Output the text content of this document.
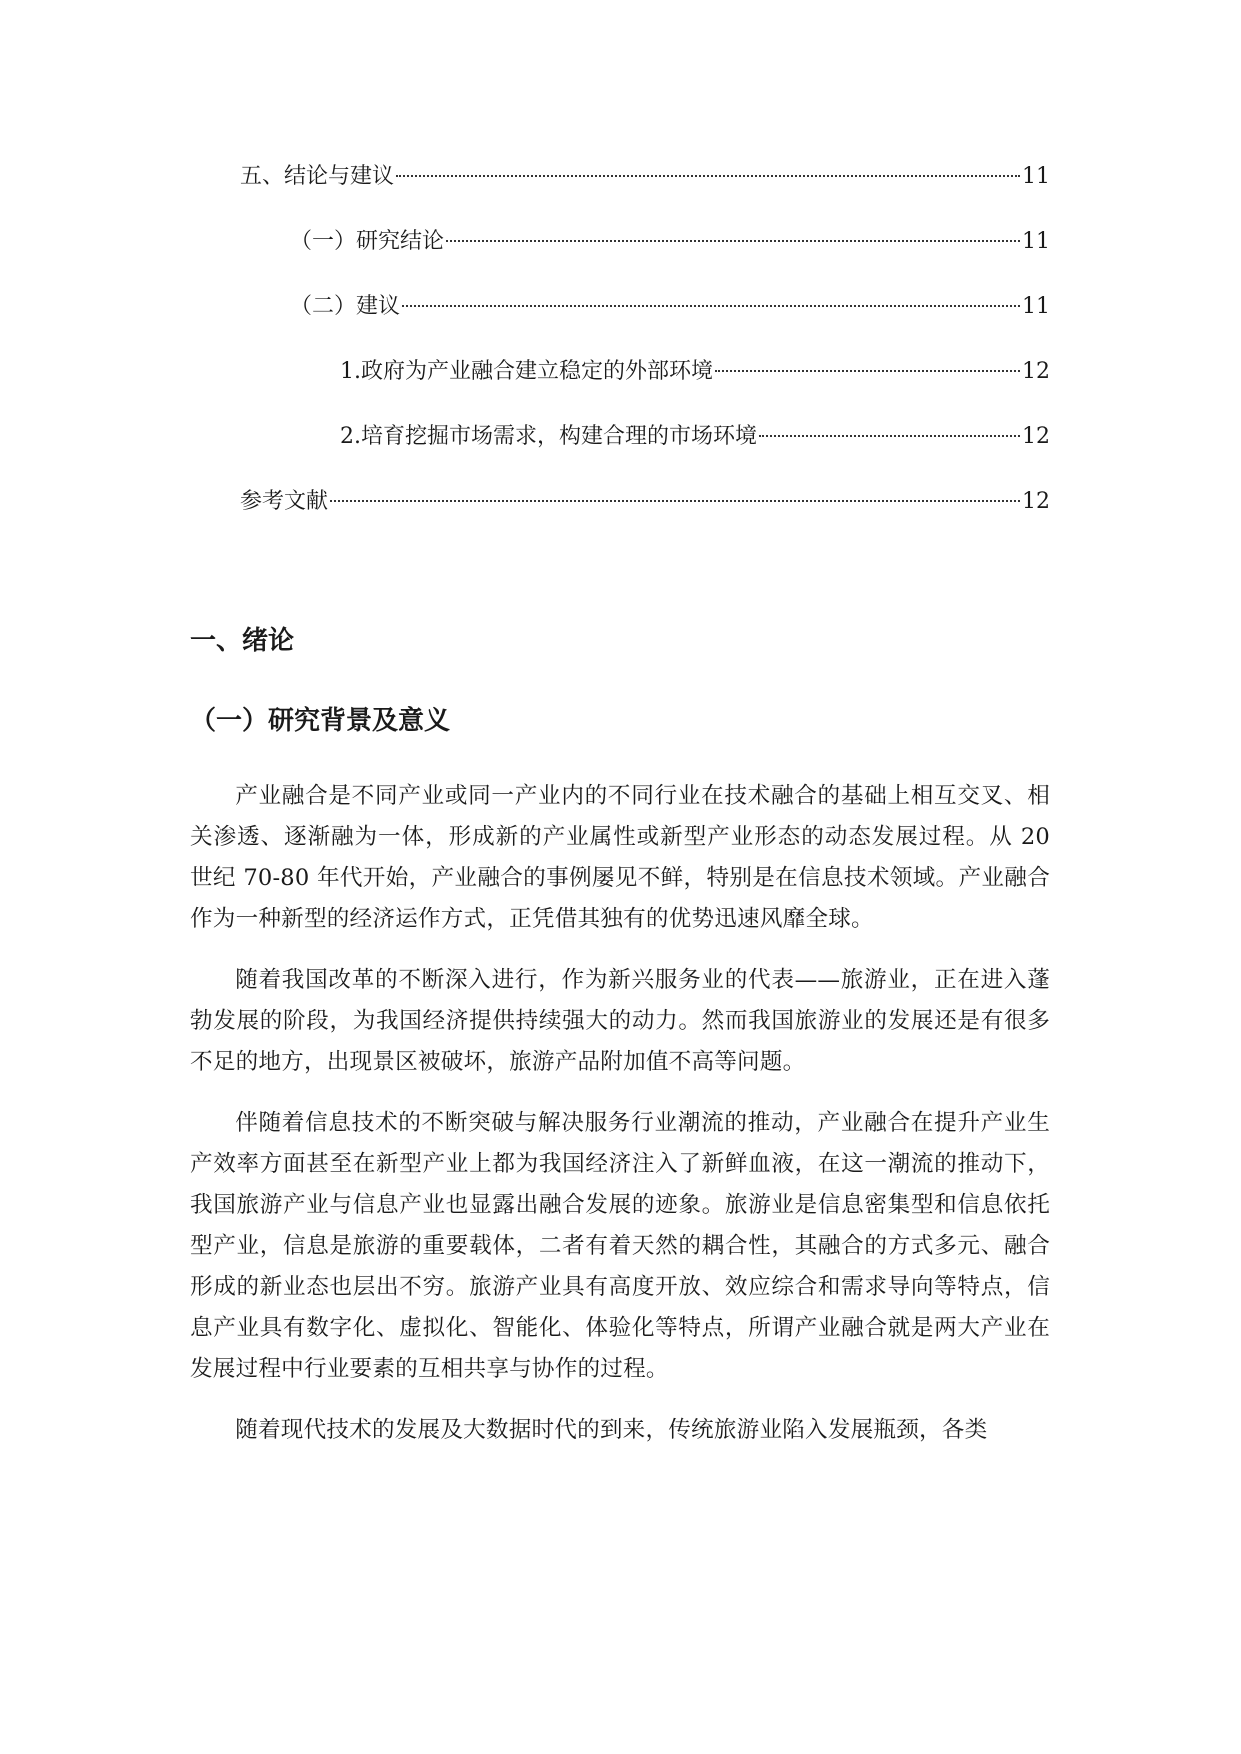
五、结论与建议	11
（一）研究结论	11
（二）建议	11
1.政府为产业融合建立稳定的外部环境	12
2.培育挖掘市场需求，构建合理的市场环境	12
参考文献	12
一、绪论
（一）研究背景及意义

产业融合是不同产业或同一产业内的不同行业在技术融合的基础上相互交叉、相关渗透、逐渐融为一体，形成新的产业属性或新型产业形态的动态发展过程。从 20 世纪 70-80 年代开始，产业融合的事例屡见不鲜，特别是在信息技术领域。产业融合作为一种新型的经济运作方式，正凭借其独有的优势迅速风靡全球。

随着我国改革的不断深入进行，作为新兴服务业的代表——旅游业，正在进入蓬勃发展的阶段，为我国经济提供持续强大的动力。然而我国旅游业的发展还是有很多不足的地方，出现景区被破坏，旅游产品附加值不高等问题。

伴随着信息技术的不断突破与解决服务行业潮流的推动，产业融合在提升产业生产效率方面甚至在新型产业上都为我国经济注入了新鲜血液，在这一潮流的推动下，我国旅游产业与信息产业也显露出融合发展的迹象。旅游业是信息密集型和信息依托型产业，信息是旅游的重要载体，二者有着天然的耦合性，其融合的方式多元、融合形成的新业态也层出不穷。旅游产业具有高度开放、效应综合和需求导向等特点，信息产业具有数字化、虚拟化、智能化、体验化等特点，所谓产业融合就是两大产业在发展过程中行业要素的互相共享与协作的过程。

随着现代技术的发展及大数据时代的到来，传统旅游业陷入发展瓶颈，各类
